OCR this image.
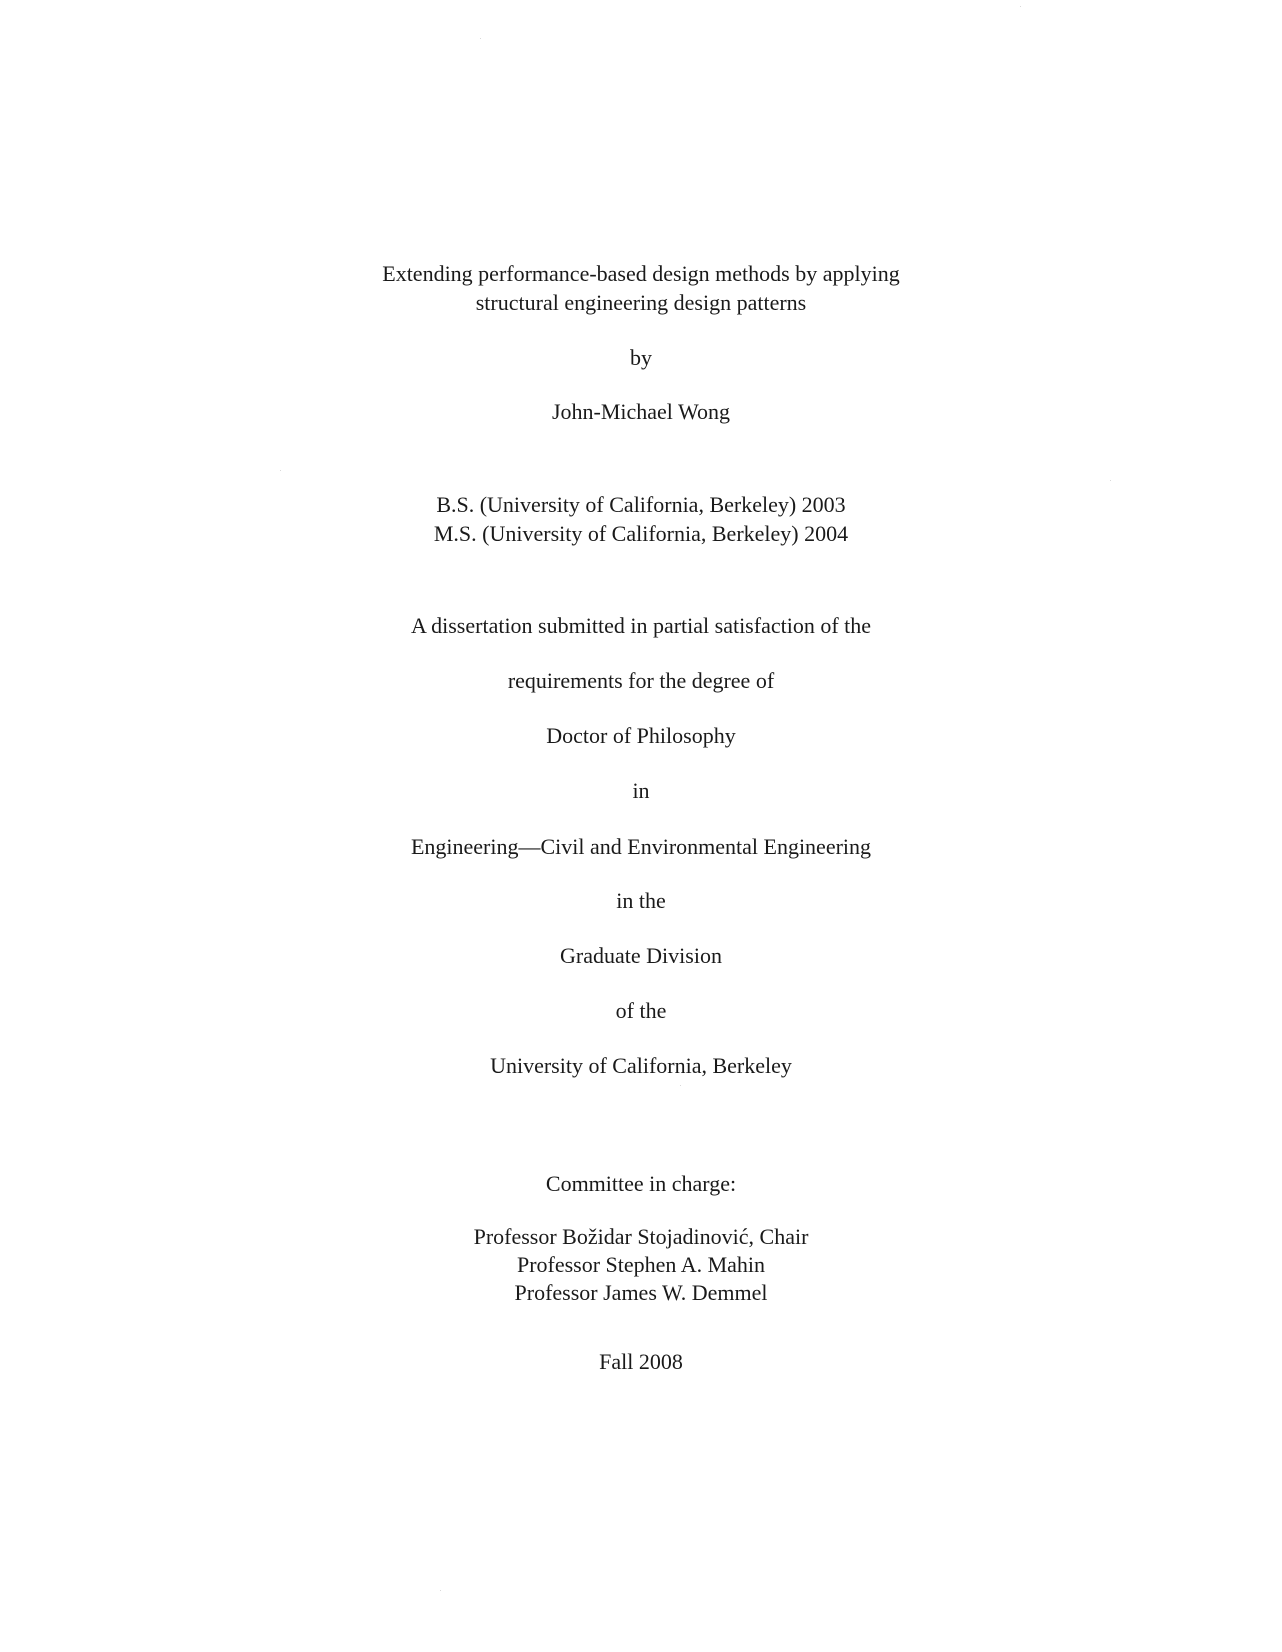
Extending performance-based design methods by applying

structural engineering design patterns

by

John-Michael Wong

B.S. (University of California, Berkeley) 2003

M.S. (University of California, Berkeley) 2004

A dissertation submitted in partial satisfaction of the

requirements for the degree of

Doctor of Philosophy

in

Engineering—Civil and Environmental Engineering

in the

Graduate Division

of the

University of California, Berkeley

Committee in charge:

Professor Božidar Stojadinović, Chair

Professor Stephen A. Mahin

Professor James W. Demmel

Fall 2008
